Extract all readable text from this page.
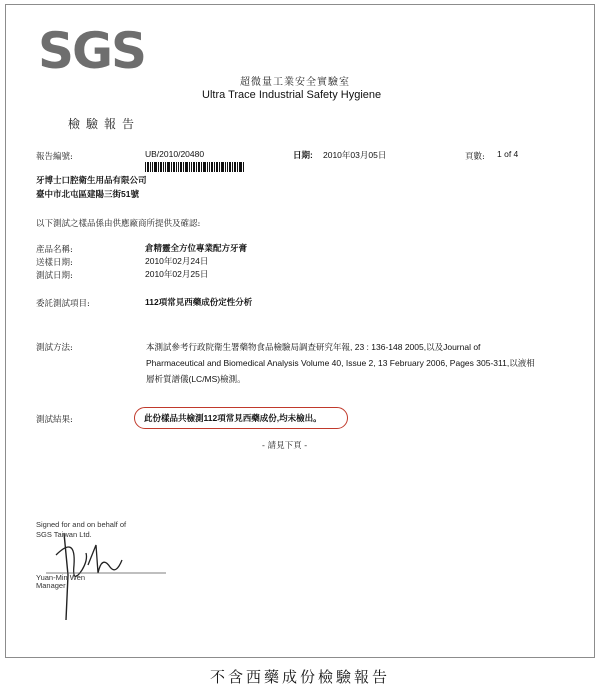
SGS
超微量工業安全實驗室
Ultra Trace Industrial Safety Hygiene
檢驗報告
報告編號:	UB/2010/20480	日期: 2010年03月05日	頁數: 1 of 4
牙博士口腔衛生用品有限公司
臺中市北屯區建陽三街51號
以下測試之樣品係由供應廠商所提供及確認:
產品名稱:	倉精靈全方位專業配方牙膏
送樣日期:	2010年02月24日
測試日期:	2010年02月25日
委託測試項目:	112項常見西藥成份定性分析
測試方法:	本測試參考行政院衛生署藥物食品檢驗局調查研究年報, 23 : 136-148 2005,以及Journal of Pharmaceutical and Biomedical Analysis Volume 40, Issue 2, 13 February 2006, Pages 305-311,以液相層析質譜儀(LC/MS)檢測。
測試結果:	此份樣品共檢測112項常見西藥成份,均未檢出。
- 請見下頁 -
Signed for and on behalf of
SGS Taiwan Ltd.
Yuan-Min Wen
Manager
不含西藥成份檢驗報告
